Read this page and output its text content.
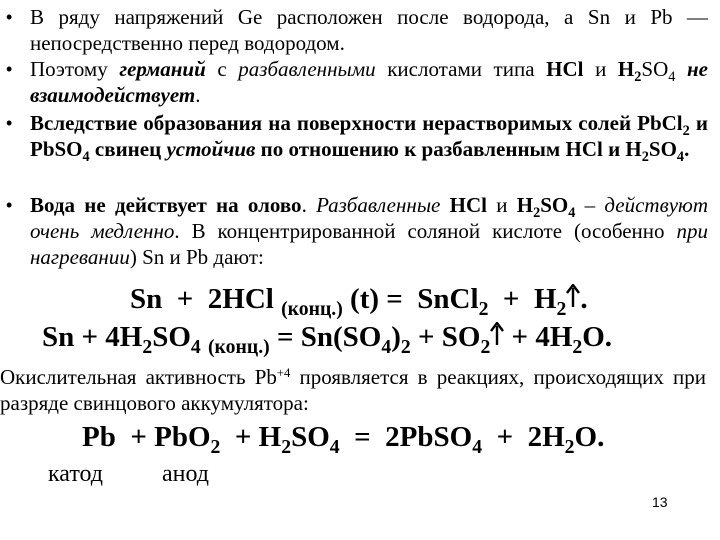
• В ряду напряжений Ge расположен после водорода, а Sn и Pb — непосредственно перед водородом.

• Поэтому германий с разбавленными кислотами типа HCl и $H_2SO_4$ не взаимодействует.

• Вследствие образования на поверхности нерастворимых солей PbCl$_2$ и PbSO$_4$ свинец устойчив по отношению к разбавленным HCl и $H_2SO_4$.

• Вода не действует на олово. Разбавленные HCl и $H_2SO_4$ – действуют очень медленно. В концентрированной соляной кислоте (особенно при нагревании) Sn и Pb дают:

Sn  +  2HCl $_{(конц.)}$ (t) =  SnCl$_2$  +  $H_2$ .
$Sn + 4H_2SO_4$ $_{(конц.)} = Sn(SO_4)_2 + SO_2 + 4H_2O$.

Окислительная активность $Pb^{+4}$ проявляется в реакциях, происходящих при разряде свинцового аккумулятора:

$Pb + PbO_2 + H_2SO_4$  =  2PbSO$_4$  +  $2H_2O$.
катод анод
13
